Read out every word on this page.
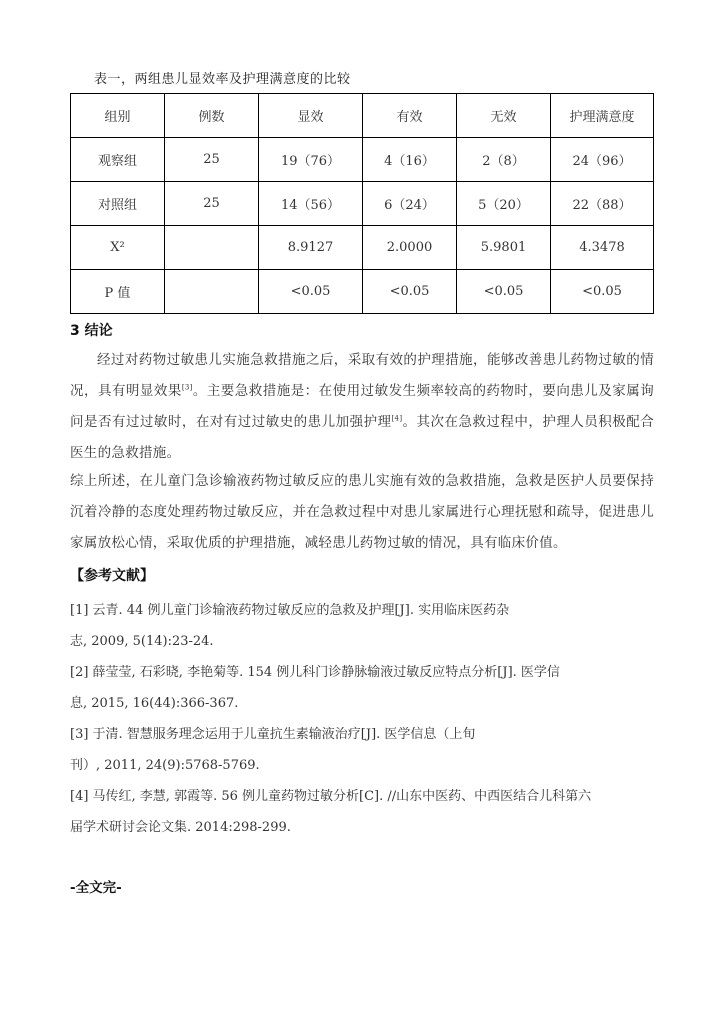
表一，两组患儿显效率及护理满意度的比较
组别	例数	显效	有效	无效	护理满意度
观察组	25	19（76）	4（16）	2（8）	24（96）
对照组	25	14（56）	6（24）	5（20）	22（88）
X²		8.9127	2.0000	5.9801	4.3478
P 值		<0.05	<0.05	<0.05	<0.05
3 结论

经过对药物过敏患儿实施急救措施之后，采取有效的护理措施，能够改善患儿药物过敏的情况，具有明显效果[3]。主要急救措施是：在使用过敏发生频率较高的药物时，要向患儿及家属询问是否有过过敏时，在对有过过敏史的患儿加强护理[4]。其次在急救过程中，护理人员积极配合医生的急救措施。

综上所述，在儿童门急诊输液药物过敏反应的患儿实施有效的急救措施，急救是医护人员要保持沉着冷静的态度处理药物过敏反应，并在急救过程中对患儿家属进行心理抚慰和疏导，促进患儿家属放松心情，采取优质的护理措施，减轻患儿药物过敏的情况，具有临床价值。

【参考文献】
[1] 云青. 44 例儿童门诊输液药物过敏反应的急救及护理[J]. 实用临床医药杂
志, 2009, 5(14):23-24.
[2] 薛莹莹, 石彩晓, 李艳菊等. 154 例儿科门诊静脉输液过敏反应特点分析[J]. 医学信
息, 2015, 16(44):366-367.
[3] 于清. 智慧服务理念运用于儿童抗生素输液治疗[J]. 医学信息（上旬
刊）, 2011, 24(9):5768-5769.
[4] 马传红, 李慧, 郭霞等. 56 例儿童药物过敏分析[C]. //山东中医药、中西医结合儿科第六
届学术研讨会论文集. 2014:298-299.
-全文完-
